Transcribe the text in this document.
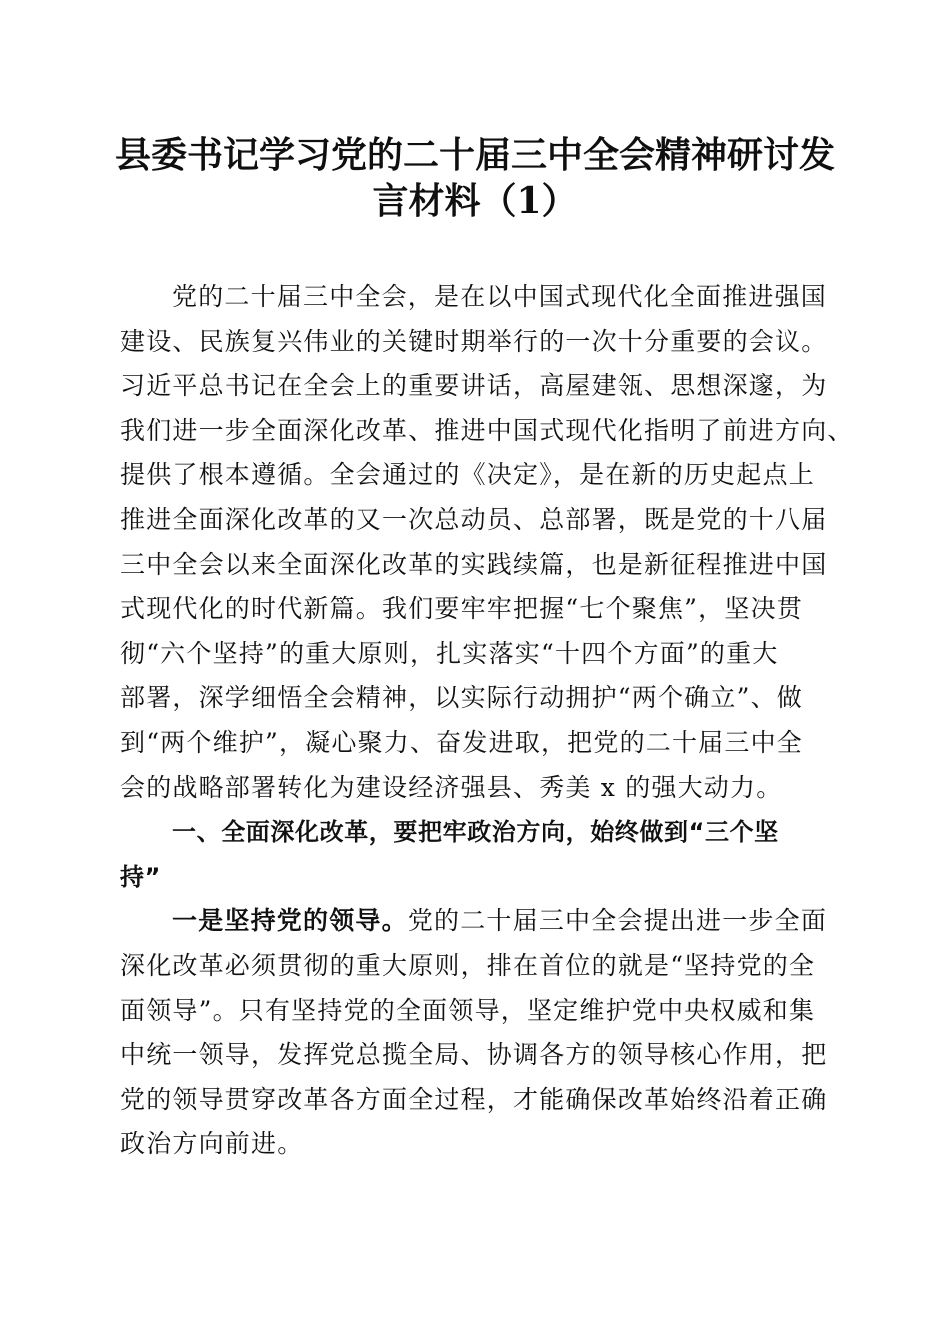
县委书记学习党的二十届三中全会精神研讨发
言材料（1）
党的二十届三中全会，是在以中国式现代化全面推进强国
建设、民族复兴伟业的关键时期举行的一次十分重要的会议。
习近平总书记在全会上的重要讲话，高屋建瓴、思想深邃，为
我们进一步全面深化改革、推进中国式现代化指明了前进方向、
提供了根本遵循。全会通过的《决定》，是在新的历史起点上
推进全面深化改革的又一次总动员、总部署，既是党的十八届
三中全会以来全面深化改革的实践续篇，也是新征程推进中国
式现代化的时代新篇。我们要牢牢把握“七个聚焦”，坚决贯
彻“六个坚持”的重大原则，扎实落实“十四个方面”的重大
部署，深学细悟全会精神，以实际行动拥护“两个确立”、做
到“两个维护”，凝心聚力、奋发进取，把党的二十届三中全
会的战略部署转化为建设经济强县、秀美 x 的强大动力。
一、全面深化改革，要把牢政治方向，始终做到“三个坚
持”
一是坚持党的领导。党的二十届三中全会提出进一步全面
深化改革必须贯彻的重大原则，排在首位的就是“坚持党的全
面领导”。只有坚持党的全面领导，坚定维护党中央权威和集
中统一领导，发挥党总揽全局、协调各方的领导核心作用，把
党的领导贯穿改革各方面全过程，才能确保改革始终沿着正确
政治方向前进。
